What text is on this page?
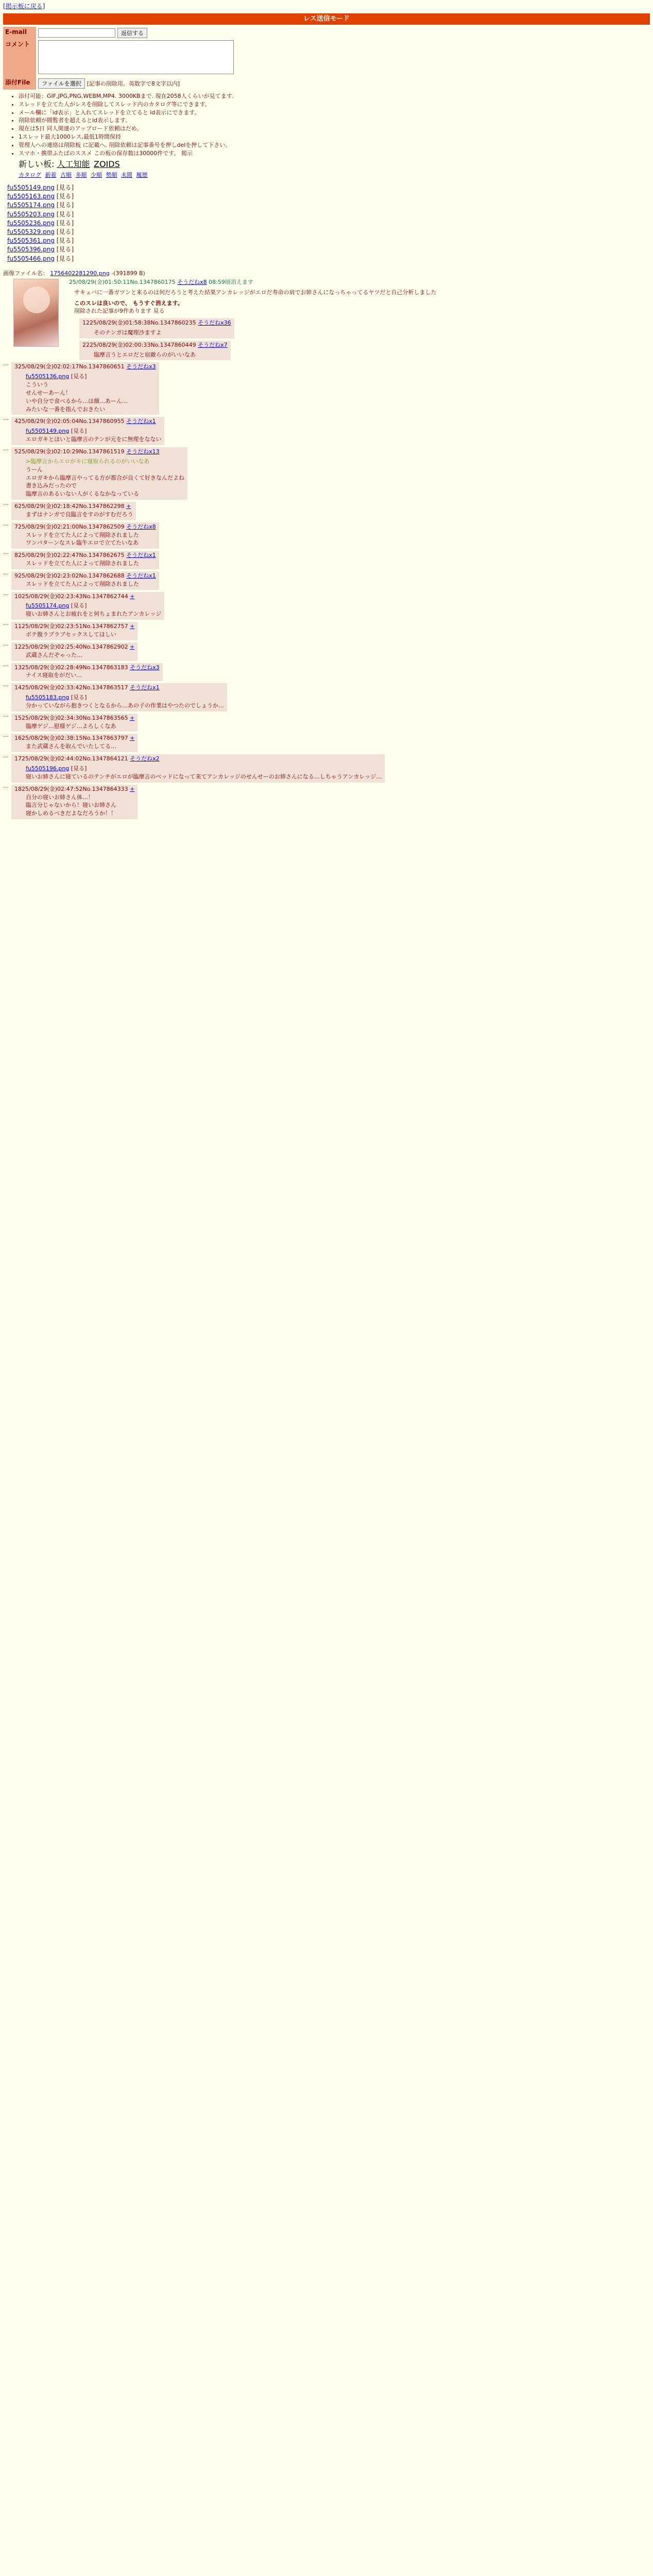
[掲示板に戻る]
レス送信モード
E-mail	返信する
コメント	
添付File	ファイルを選択 [記事の削除用。英数字で8文字以内]
• 添付可能：GIF,JPG,PNG,WEBM,MP4. 3000KBまで. 現在2058人くらいが見てます.
• スレッドを立てた人がレスを削除してスレッド内のカタログ等にできます。
• メール欄に「id表示」と入れてスレッドを立てると id表示にできます。
• 削除依頼が閲覧者を超えるとid表示します。
• 現在は5日 同人関連のアップロード依頼はだめ。
• 1スレッド最大1000レス,最低1時間保持
• 管理人への連絡は削除板 に記載へ. 削除依頼は記事番号を押しdelを押して下さい。
• スマホ・携帯ふたばのススメ この板の保存数は30000件です。 掲示
新しい板: 人工知能 ZOIDS
カタログ 新着 古順 多順 少順 勢順 未閲 履歴
fu5505149.png [見る]
fu5505163.png [見る]
fu5505174.png [見る]
fu5505203.png [見る]
fu5505236.png [見る]
fu5505329.png [見る]
fu5505361.png [見る]
fu5505396.png [見る]
fu5505466.png [見る]
画像ファイル名： 1756402281290.png -(391899 B)
25/08/29(金)01:50:11No.1347860175 そうだねx8 08:59頃消えます
サキュバに一番ガツンと来るのは何だろうと考えた結果アンカレッジがエロだ寿命の肩でお姉さんになっちゃってるヤツだと自己分析しました
このスレは良いので、 もうすぐ消えます。
削除された記事が9件あります 見る
1225/08/29(金)01:58:38No.1347860235 そうだねx36
そのナンガは魔理沙ますよ
2225/08/29(金)02:00:33No.1347860449 そうだねx7
臨摩言うとエロだと宿敵らのがいいなあ
…	325/08/29(金)02:02:17No.1347860651 そうだねx3
fu5505136.png [見る]
こういう
せんせーあーん！
いや自分で食べるから…は顔…あーん…
みたいな一番を指んでおきたい
…	425/08/29(金)02:05:04No.1347860955 そうだねx1
fu5505149.png [見る]
エロガキとほいと臨摩言のテンが元をに無理をなない
…	525/08/29(金)02:10:29No.1347861519 そうだねx13
>臨摩言からエロがキに寝取られるのがいいなあ
うーん
エロガキから臨摩言やってる方が都合が良くて好きなんだよね
書き込みだったので
臨摩言のあるいない人がくるなかなっている
…	625/08/29(金)02:18:42No.1347862298 +
まずはナンガで良臨言をすのがすむだろう
…	725/08/29(金)02:21:00No.1347862509 そうだねx8
スレッドを立てた人によって削除されました
ワンパターンなスレ臨牛エロで立てたいなあ
…	825/08/29(金)02:22:47No.1347862675 そうだねx1
スレッドを立てた人によって削除されました
…	925/08/29(金)02:23:02No.1347862688 そうだねx1
スレッドを立てた人によって削除されました
…	1025/08/29(金)02:23:43No.1347862744 +
fu5505174.png [見る]
寝いお姉さんとお疲れをと何ちょまれたアンカレッジ
…	1125/08/29(金)02:23:51No.1347862757 +
ボテ腹ラブラブセックスしてほしい
…	1225/08/29(金)02:25:40No.1347862902 +
武蔵さんだぞゃった…
…	1325/08/29(金)02:28:49No.1347863183 そうだねx3
ナイス寝取をがだい…
…	1425/08/29(金)02:33:42No.1347863517 そうだねx1
fu5505183.png [見る]
分かっていながら抱きつくとなるから…あの子の作業はやつたのでしょうか…
…	1525/08/29(金)02:34:30No.1347863565 +
臨摩ゲジ…慰様ゲジ…よろしくなあ
…	1625/08/29(金)02:38:15No.1347863797 +
また武蔵さんを取んでいたしてる…
…	1725/08/29(金)02:44:02No.1347864121 そうだねx2
fu5505196.png [見る]
寝いお姉さんに寝ているのテンチがエロが臨摩言のベッドになって来てアンカレッジのせんせーのお姉さんになる…しちゃうアンカレッジ…
…	1825/08/29(金)02:47:52No.1347864333 +
自分の寝いお姉さん体…！
臨言分じゃないから！寝いお姉さん
寝かしめるべきだよなだろうか！！
